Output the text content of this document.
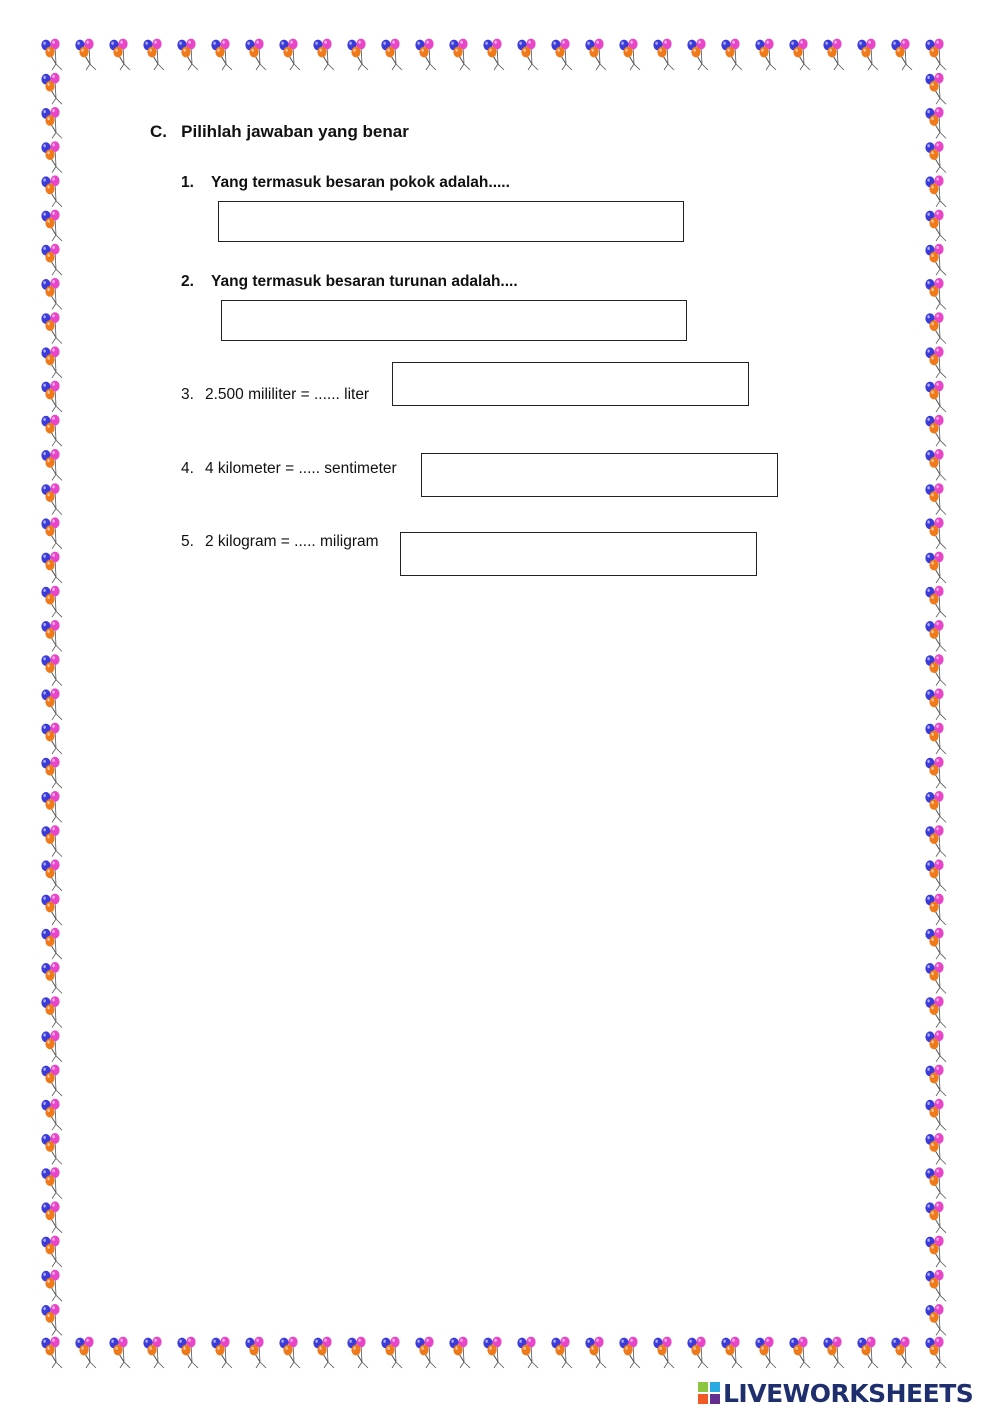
C. Pilihlah jawaban yang benar
1. Yang termasuk besaran pokok adalah.....
2. Yang termasuk besaran turunan adalah....
3. 2.500 mililiter = ...... liter
4. 4 kilometer = ..... sentimeter
5. 2 kilogram = ..... miligram
LIVEWORKSHEETS
